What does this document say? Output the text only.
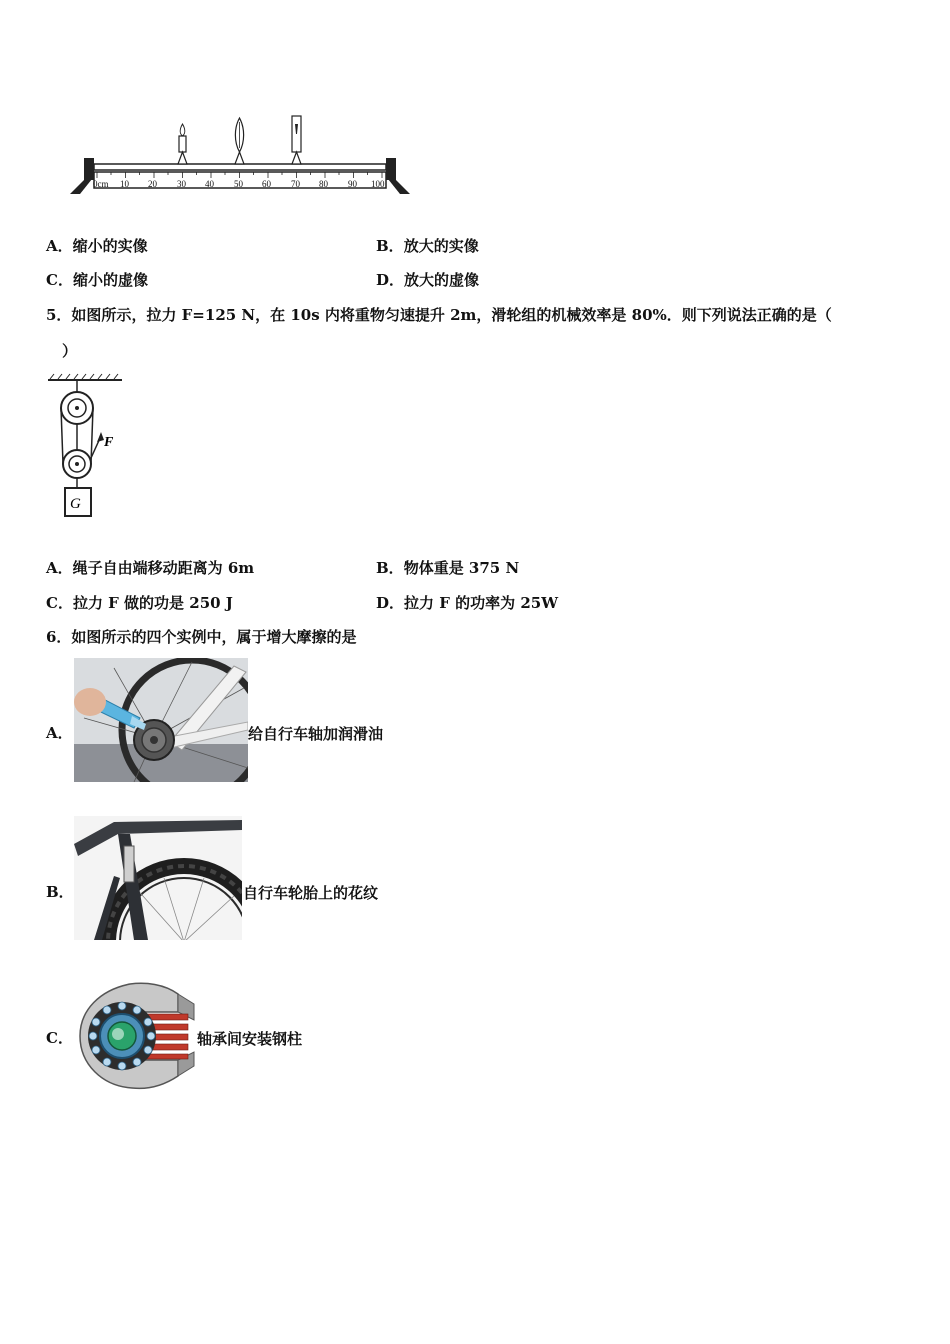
0cm 10 20 30 40 50 60 70 80 90 100
A．缩小的实像	B．放大的实像
C．缩小的虚像	D．放大的虚像
5．如图所示，拉力 F=125 N，在 10s 内将重物匀速提升 2m，滑轮组的机械效率是 80%．则下列说法正确的是（
）
F
G
A．绳子自由端移动距离为 6m	B．物体重是 375 N
C．拉力 F 做的功是 250 J	D．拉力 F 的功率为 25W
6．如图所示的四个实例中，属于增大摩擦的是
A．	给自行车轴加润滑油
B．	自行车轮胎上的花纹
C．	轴承间安装钢柱
